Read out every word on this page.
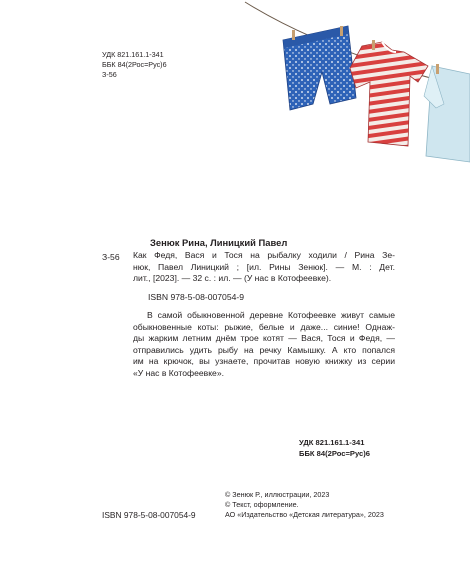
УДК 821.161.1-341
ББК 84(2Рос=Рус)6
З-56
Зенюк Рина, Линицкий Павел
З-56 Как Федя, Вася и Тося на рыбалку ходили / Рина Зе-
нюк, Павел Линицкий ; [ил. Рины Зенюк]. — М. : Дет.
лит., [2023]. — 32 с. : ил. — (У нас в Котофеевке).
ISBN 978-5-08-007054-9
В самой обыкновенной деревне Котофеевке живут самые
обыкновенные коты: рыжие, белые и даже... синие! Однаж-
ды жарким летним днём трое котят — Вася, Тося и Федя, —
отправились удить рыбу на речку Камышку. А кто попался
им на крючок, вы узнаете, прочитав новую книжку из серии
«У нас в Котофеевке».
УДК 821.161.1-341
ББК 84(2Рос=Рус)6
© Зенюк Р., иллюстрации, 2023
© Текст, оформление.
АО «Издательство «Детская литература», 2023
ISBN 978-5-08-007054-9
